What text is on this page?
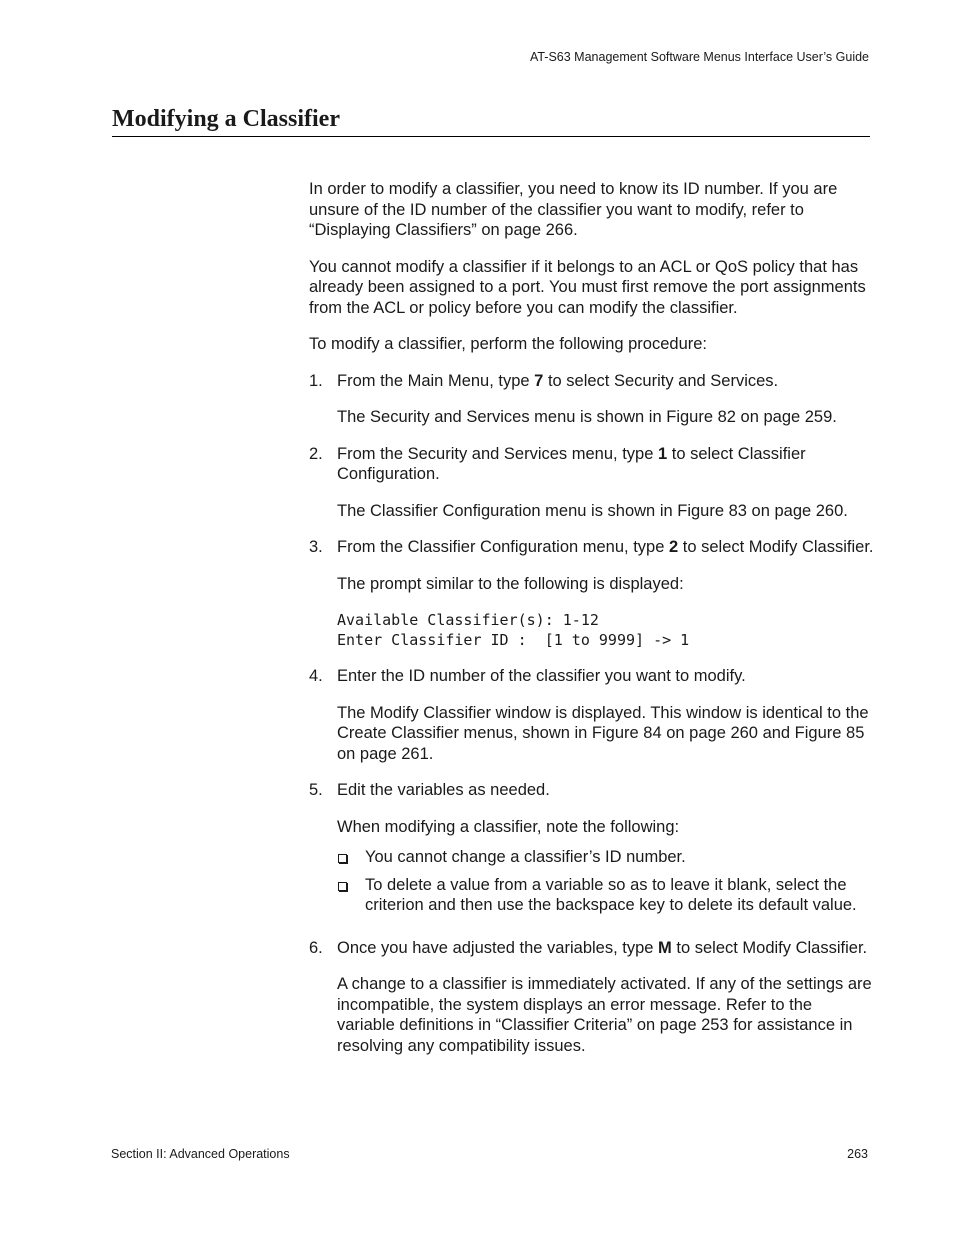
AT-S63 Management Software Menus Interface User’s Guide
Modifying a Classifier

In order to modify a classifier, you need to know its ID number. If you are unsure of the ID number of the classifier you want to modify, refer to “Displaying Classifiers” on page 266.

You cannot modify a classifier if it belongs to an ACL or QoS policy that has already been assigned to a port. You must first remove the port assignments from the ACL or policy before you can modify the classifier.

To modify a classifier, perform the following procedure:

1. From the Main Menu, type 7 to select Security and Services.

The Security and Services menu is shown in Figure 82 on page 259.

2. From the Security and Services menu, type 1 to select Classifier Configuration.

The Classifier Configuration menu is shown in Figure 83 on page 260.

3. From the Classifier Configuration menu, type 2 to select Modify Classifier.

The prompt similar to the following is displayed:

Available Classifier(s): 1-12
Enter Classifier ID :  [1 to 9999] -> 1
4. Enter the ID number of the classifier you want to modify.

The Modify Classifier window is displayed. This window is identical to the Create Classifier menus, shown in Figure 84 on page 260 and Figure 85 on page 261.

5. Edit the variables as needed.

When modifying a classifier, note the following:

You cannot change a classifier’s ID number.
To delete a value from a variable so as to leave it blank, select the criterion and then use the backspace key to delete its default value.
6. Once you have adjusted the variables, type M to select Modify Classifier.

A change to a classifier is immediately activated. If any of the settings are incompatible, the system displays an error message. Refer to the variable definitions in “Classifier Criteria” on page 253 for assistance in resolving any compatibility issues.

Section II: Advanced Operations	263
